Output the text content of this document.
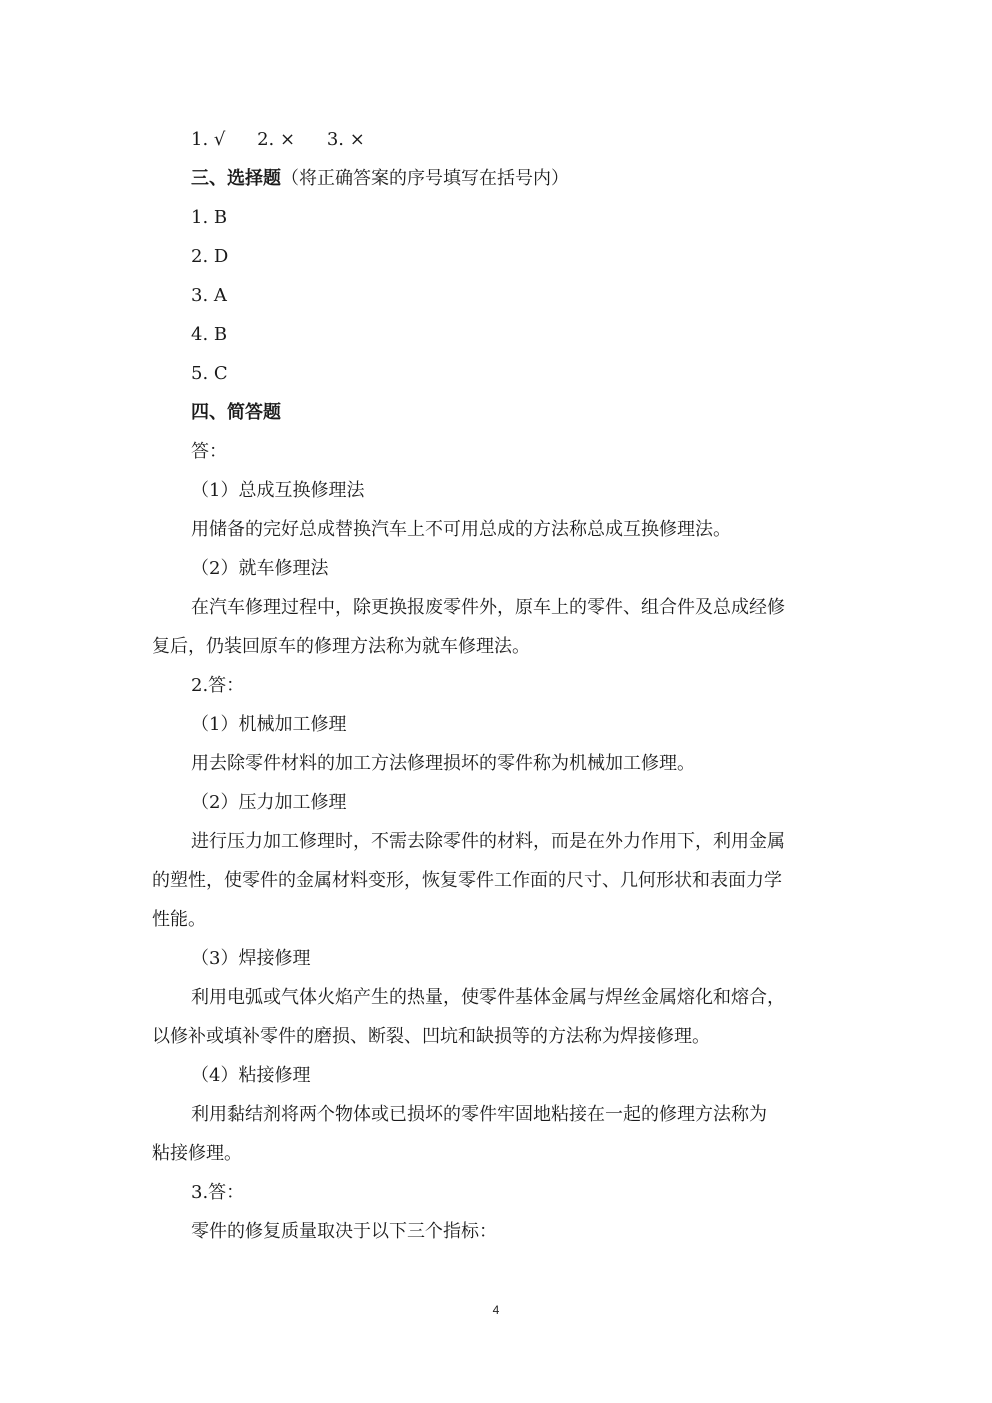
1. √ 2. × 3. ×
三、选择题（将正确答案的序号填写在括号内）
1. B
2. D
3. A
4. B
5. C
四、简答题
答：
（1）总成互换修理法
用储备的完好总成替换汽车上不可用总成的方法称总成互换修理法。
（2）就车修理法
在汽车修理过程中，除更换报废零件外，原车上的零件、组合件及总成经修
复后，仍装回原车的修理方法称为就车修理法。
2.答：
（1）机械加工修理
用去除零件材料的加工方法修理损坏的零件称为机械加工修理。
（2）压力加工修理
进行压力加工修理时，不需去除零件的材料，而是在外力作用下，利用金属
的塑性，使零件的金属材料变形，恢复零件工作面的尺寸、几何形状和表面力学
性能。
（3）焊接修理
利用电弧或气体火焰产生的热量，使零件基体金属与焊丝金属熔化和熔合，
以修补或填补零件的磨损、断裂、凹坑和缺损等的方法称为焊接修理。
（4）粘接修理
利用黏结剂将两个物体或已损坏的零件牢固地粘接在一起的修理方法称为
粘接修理。
3.答：
零件的修复质量取决于以下三个指标：
4
